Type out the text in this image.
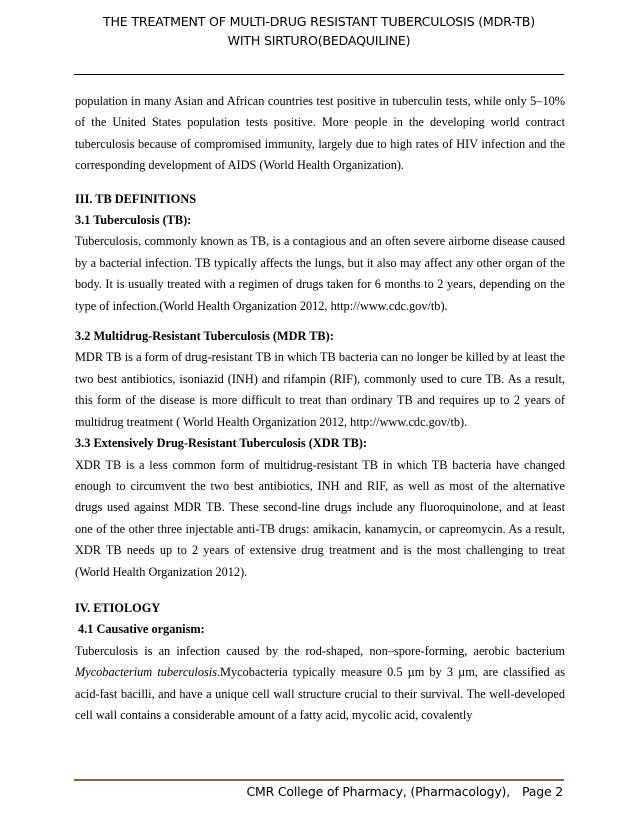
THE TREATMENT OF MULTI-DRUG RESISTANT TUBERCULOSIS (MDR-TB)
WITH SIRTURO(BEDAQUILINE)

population in many Asian and African countries test positive in tuberculin tests, while only 5–10% of the United States population tests positive. More people in the developing world contract tuberculosis because of compromised immunity, largely due to high rates of HIV infection and the corresponding development of AIDS (World Health Organization).

III. TB DEFINITIONS
3.1 Tuberculosis (TB):

Tuberculosis, commonly known as TB, is a contagious and an often severe airborne disease caused by a bacterial infection. TB typically affects the lungs, but it also may affect any other organ of the body. It is usually treated with a regimen of drugs taken for 6 months to 2 years, depending on the type of infection.(World Health Organization 2012, http://www.cdc.gov/tb).

3.2 Multidrug-Resistant Tuberculosis (MDR TB):

MDR TB is a form of drug-resistant TB in which TB bacteria can no longer be killed by at least the two best antibiotics, isoniazid (INH) and rifampin (RIF), commonly used to cure TB. As a result, this form of the disease is more difficult to treat than ordinary TB and requires up to 2 years of multidrug treatment ( World Health Organization 2012, http://www.cdc.gov/tb).

3.3 Extensively Drug-Resistant Tuberculosis (XDR TB):

XDR TB is a less common form of multidrug-resistant TB in which TB bacteria have changed enough to circumvent the two best antibiotics, INH and RIF, as well as most of the alternative drugs used against MDR TB. These second-line drugs include any fluoroquinolone, and at least one of the other three injectable anti-TB drugs: amikacin, kanamycin, or capreomycin. As a result, XDR TB needs up to 2 years of extensive drug treatment and is the most challenging to treat (World Health Organization 2012).

IV. ETIOLOGY
4.1 Causative organism:

Tuberculosis is an infection caused by the rod-shaped, non–spore-forming, aerobic bacterium Mycobacterium tuberculosis.Mycobacteria typically measure 0.5 µm by 3 µm, are classified as acid-fast bacilli, and have a unique cell wall structure crucial to their survival. The well-developed cell wall contains a considerable amount of a fatty acid, mycolic acid, covalently

CMR College of Pharmacy, (Pharmacology), Page 2
